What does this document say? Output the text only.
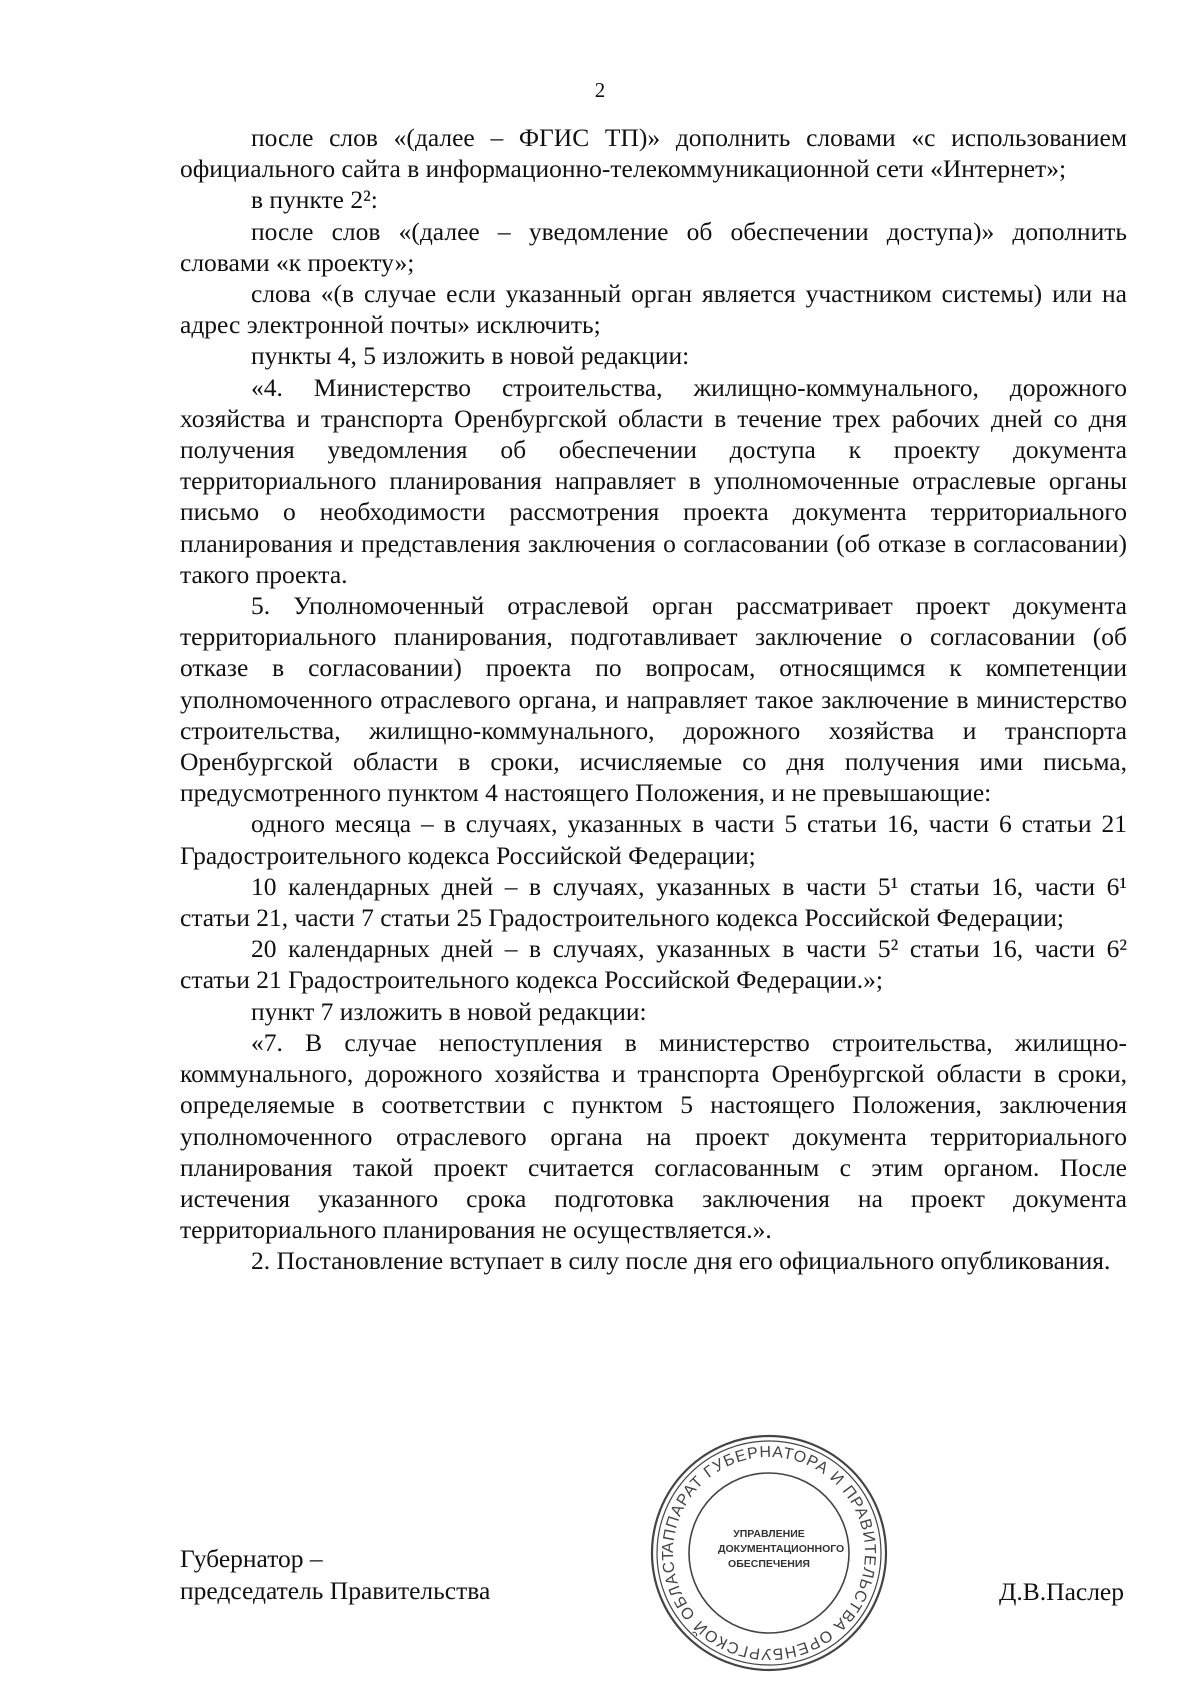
2

после слов «(далее – ФГИС ТП)» дополнить словами «с использованием официального сайта в информационно-телекоммуникационной сети «Интернет»;

в пункте 2²:

после слов «(далее – уведомление об обеспечении доступа)» дополнить словами «к проекту»;

слова «(в случае если указанный орган является участником системы) или на адрес электронной почты» исключить;

пункты 4, 5 изложить в новой редакции:

«4. Министерство строительства, жилищно-коммунального, дорожного хозяйства и транспорта Оренбургской области в течение трех рабочих дней со дня получения уведомления об обеспечении доступа к проекту документа территориального планирования направляет в уполномоченные отраслевые органы письмо о необходимости рассмотрения проекта документа территориального планирования и представления заключения о согласовании (об отказе в согласовании) такого проекта.

5. Уполномоченный отраслевой орган рассматривает проект документа территориального планирования, подготавливает заключение о согласовании (об отказе в согласовании) проекта по вопросам, относящимся к компетенции уполномоченного отраслевого органа, и направляет такое заключение в министерство строительства, жилищно-коммунального, дорожного хозяйства и транспорта Оренбургской области в сроки, исчисляемые со дня получения ими письма, предусмотренного пунктом 4 настоящего Положения, и не превышающие:

одного месяца – в случаях, указанных в части 5 статьи 16, части 6 статьи 21 Градостроительного кодекса Российской Федерации;

10 календарных дней – в случаях, указанных в части 5¹ статьи 16, части 6¹ статьи 21, части 7 статьи 25 Градостроительного кодекса Российской Федерации;

20 календарных дней – в случаях, указанных в части 5² статьи 16, части 6² статьи 21 Градостроительного кодекса Российской Федерации.»;

пункт 7 изложить в новой редакции:

«7. В случае непоступления в министерство строительства, жилищно-коммунального, дорожного хозяйства и транспорта Оренбургской области в сроки, определяемые в соответствии с пунктом 5 настоящего Положения, заключения уполномоченного отраслевого органа на проект документа территориального планирования такой проект считается согласованным с этим органом. После истечения указанного срока подготовка заключения на проект документа территориального планирования не осуществляется.».

2. Постановление вступает в силу после дня его официального опубликования.

Губернатор –
председатель Правительства
АППАРАТ ГУБЕРНАТОРА И ПРАВИТЕЛЬСТВА ОРЕНБУРГСКОЙ ОБЛАСТ
УПРАВЛЕНИЕ
ДОКУМЕНТАЦИОННОГО
ОБЕСПЕЧЕНИЯ
Д.В.Паслер
